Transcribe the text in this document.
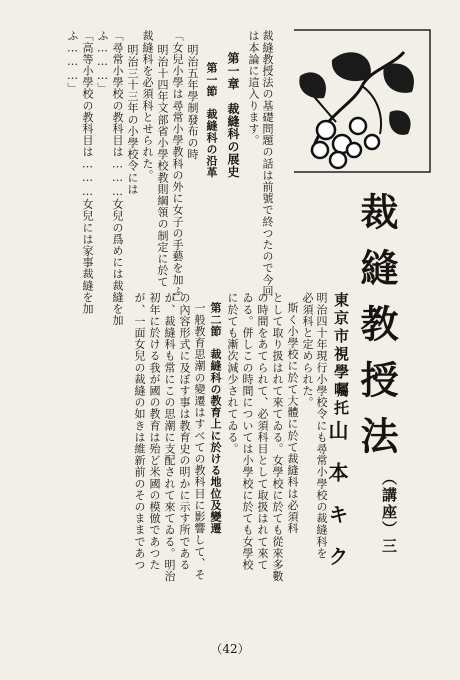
裁縫教授法の基礎問題の話は前號で終つたので今回
は本論に這入ります。
第一章　裁縫科の展史
第一節　裁縫科の沿革
明治五年學制發布の時
「女兒小學は尋常小學教科の外に女子の手藝を加ふ」
明治十四年文部省小學校教則綱領の制定に於て
裁縫科を必須科とせられた。
明治三十三年の小學校令には
「尋常小學校の教科目は………女兒の爲めには裁縫を加
ふ………」
「高等小學校の教科目は………女兒には家事裁縫を加
ふ………」
裁縫教授法
（講座）三
東京市視學囑托
山本キク
明治四十年現行小學校令にも尋常小學校の裁縫科を
必須科と定められた。
斯く小學校に於て大體に於て裁縫科は必須科
として取り扱はれて來てゐる。女學校に於ても從來多數
の時間をあてられて、必須科目として取扱はれて來て
ゐる。併しこの時間については小學校に於ても女學校
に於ても漸次減少されてゐる。
第二節　裁縫科の教育上に於ける地位及變遷
一般教育思潮の變遷はすべての教科目に影響して、そ
の內容形式に及ぼす事は教育史の明かに示す所である
が、裁縫科も常にこの思潮に支配されて來てゐる。明治
初年に於ける我が國の教育は殆ど米國の模倣であつた
が、一面女兒の裁縫の如きは維新前のそのままであつ
（42）
